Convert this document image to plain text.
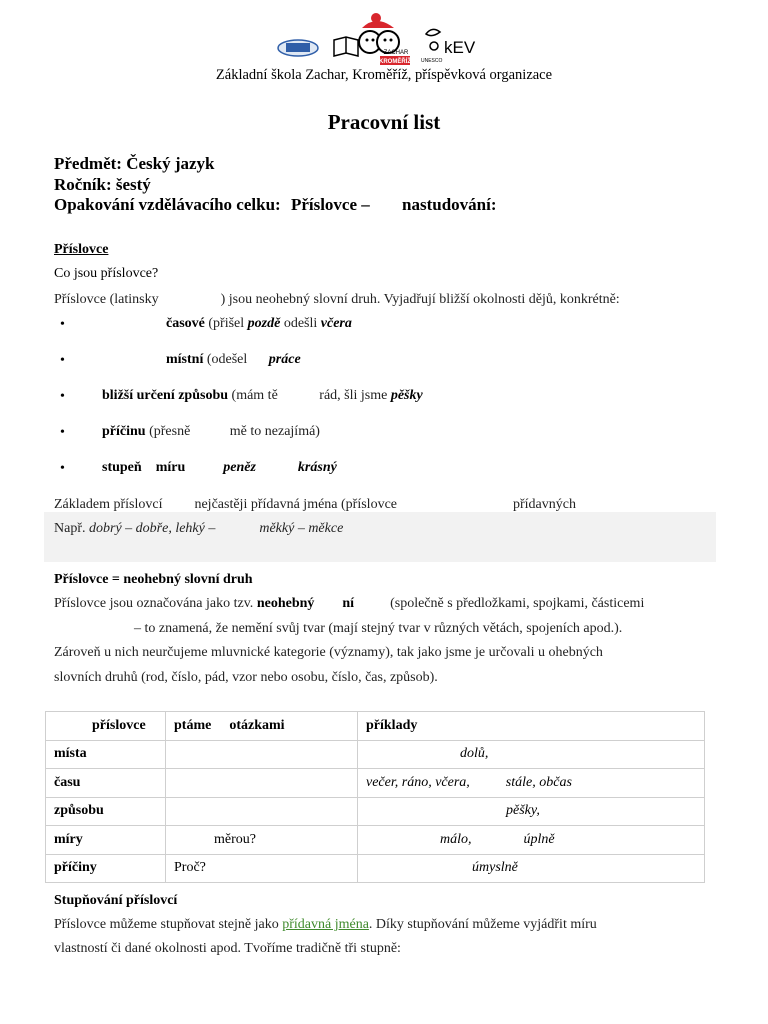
KROMĚŘÍŽ
ZACHAR
UNESCO
kEV
Základní škola Zachar, Kroměříž, příspěvková organizace
Pracovní list
Předmět: Český jazyk
Ročník: šestý
Opakování vzdělávacího celku: Příslovce – nastudování:
Příslovce
Co jsou příslovce?
Příslovce (latinsky	) jsou neohebný slovní druh. Vyjadřují bližší okolnosti dějů, konkrétně:
•	časové (přišel pozdě odešli včera
•	místní (odešel práce
•	bližší určení způsobu (mám tě	rád, šli jsme pěšky
•	příčinu (přesně	mě to nezajímá)
•	stupeň míru	peněz	krásný
Základem příslovcí nejčastěji přídavná jména (příslovce	přídavných
Např. dobrý – dobře, lehký –	měkký – měkce
Příslovce = neohebný slovní druh
Příslovce jsou označována jako tzv. neohebný ní	(společně s předložkami, spojkami, částicemi
– to znamená, že nemění svůj tvar (mají stejný tvar v různých větách, spojeních apod.).
Zároveň u nich neurčujeme mluvnické kategorie (významy), tak jako jsme je určovali u ohebných
slovních druhů (rod, číslo, pád, vzor nebo osobu, číslo, čas, způsob).
příslovce	ptáme otázkami	příklady
místa		dolů,
času		večer, ráno, včera, stále, občas
způsobu		pěšky,
míry	měrou?	málo, úplně
příčiny	Proč?	úmyslně
Stupňování příslovcí
Příslovce můžeme stupňovat stejně jako přídavná jména. Díky stupňování můžeme vyjádřit míru
vlastností či dané okolnosti apod. Tvoříme tradičně tři stupně:
